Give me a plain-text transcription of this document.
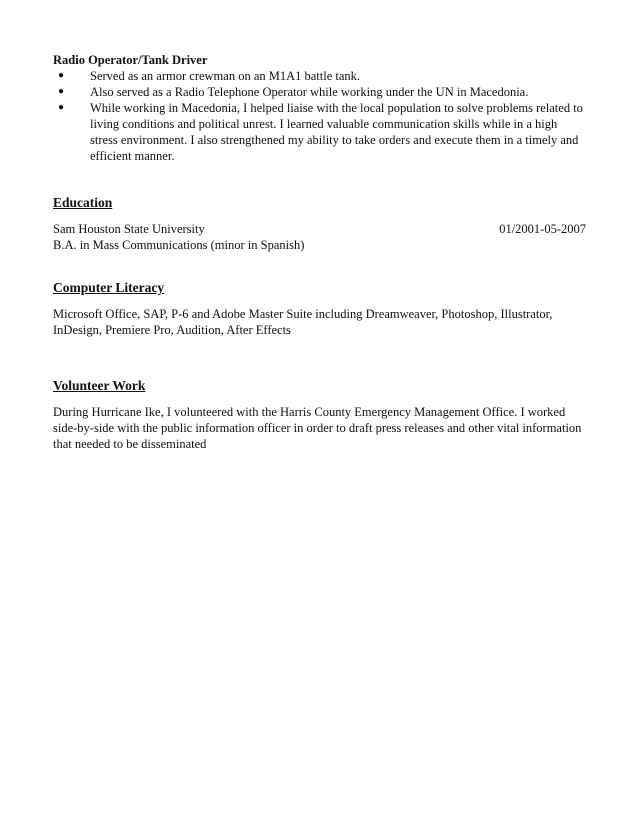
Radio Operator/Tank Driver
● Served as an armor crewman on an M1A1 battle tank.
● Also served as a Radio Telephone Operator while working under the UN in Macedonia.
● While working in Macedonia, I helped liaise with the local population to solve problems related to living conditions and political unrest. I learned valuable communication skills while in a high stress environment. I also strengthened my ability to take orders and execute them in a timely and efficient manner.
Education
Sam Houston State University	01/2001-05-2007
B.A. in Mass Communications (minor in Spanish)
Computer Literacy
Microsoft Office, SAP, P-6 and Adobe Master Suite including Dreamweaver, Photoshop, Illustrator, InDesign, Premiere Pro, Audition, After Effects
Volunteer Work
During Hurricane Ike, I volunteered with the Harris County Emergency Management Office. I worked side-by-side with the public information officer in order to draft press releases and other vital information that needed to be disseminated
